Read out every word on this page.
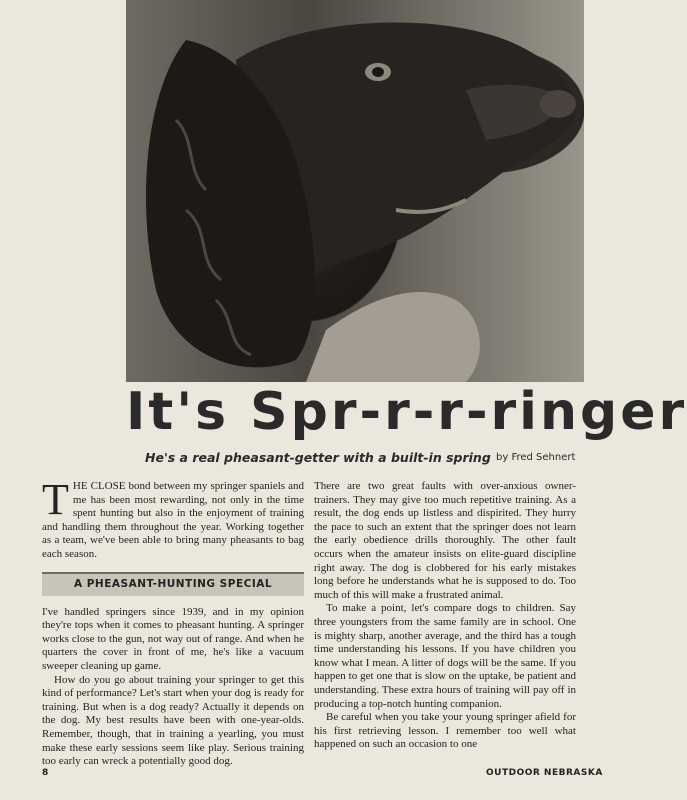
It's Spr-r-r-ringer
He's a real pheasant-getter with a built-in spring by Fred Sehnert

THE CLOSE bond between my springer spaniels and me has been most rewarding, not only in the time spent hunting but also in the enjoyment of training and handling them throughout the year. Working together as a team, we've been able to bring many pheasants to bag each season.

A PHEASANT-HUNTING SPECIAL

I've handled springers since 1939, and in my opinion they're tops when it comes to pheasant hunting. A springer works close to the gun, not way out of range. And when he quarters the cover in front of me, he's like a vacuum sweeper cleaning up game.

How do you go about training your springer to get this kind of performance? Let's start when your dog is ready for training. But when is a dog ready? Actually it depends on the dog. My best results have been with one-year-olds. Remember, though, that in training a yearling, you must make these early sessions seem like play. Serious training too early can wreck a potentially good dog.

There are two great faults with over-anxious owner-trainers. They may give too much repetitive training. As a result, the dog ends up listless and dispirited. They hurry the pace to such an extent that the springer does not learn the early obedience drills thoroughly. The other fault occurs when the amateur insists on elite-guard discipline right away. The dog is clobbered for his early mistakes long before he understands what he is supposed to do. Too much of this will make a frustrated animal.

To make a point, let's compare dogs to children. Say three youngsters from the same family are in school. One is mighty sharp, another average, and the third has a tough time understanding his lessons. If you have children you know what I mean. A litter of dogs will be the same. If you happen to get one that is slow on the uptake, be patient and understanding. These extra hours of training will pay off in producing a top-notch hunting companion.

Be careful when you take your young springer afield for his first retrieving lesson. I remember too well what happened on such an occasion to one

8	OUTDOOR NEBRASKA
